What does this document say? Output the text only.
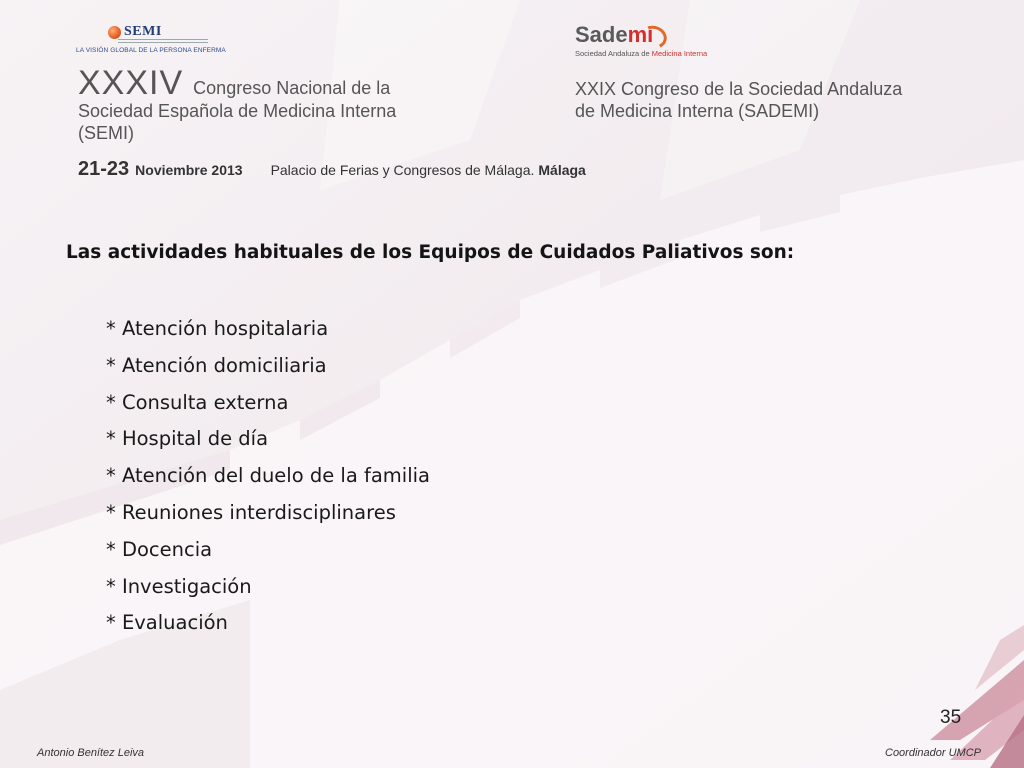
SEMI
LA VISIÓN GLOBAL DE LA PERSONA ENFERMA
Sademi
Sociedad Andaluza de Medicina Interna
XXXIV Congreso Nacional de la
Sociedad Española de Medicina Interna
(SEMI)
XXIX Congreso de la Sociedad Andaluza
de Medicina Interna (SADEMI)
21-23 Noviembre 2013 Palacio de Ferias y Congresos de Málaga. Málaga
Las actividades habituales de los Equipos de Cuidados Paliativos son:
* Atención hospitalaria
* Atención domiciliaria
* Consulta externa
* Hospital de día
* Atención del duelo de la familia
* Reuniones interdisciplinares
* Docencia
* Investigación
* Evaluación
35
Antonio Benítez Leiva	Coordinador UMCP
